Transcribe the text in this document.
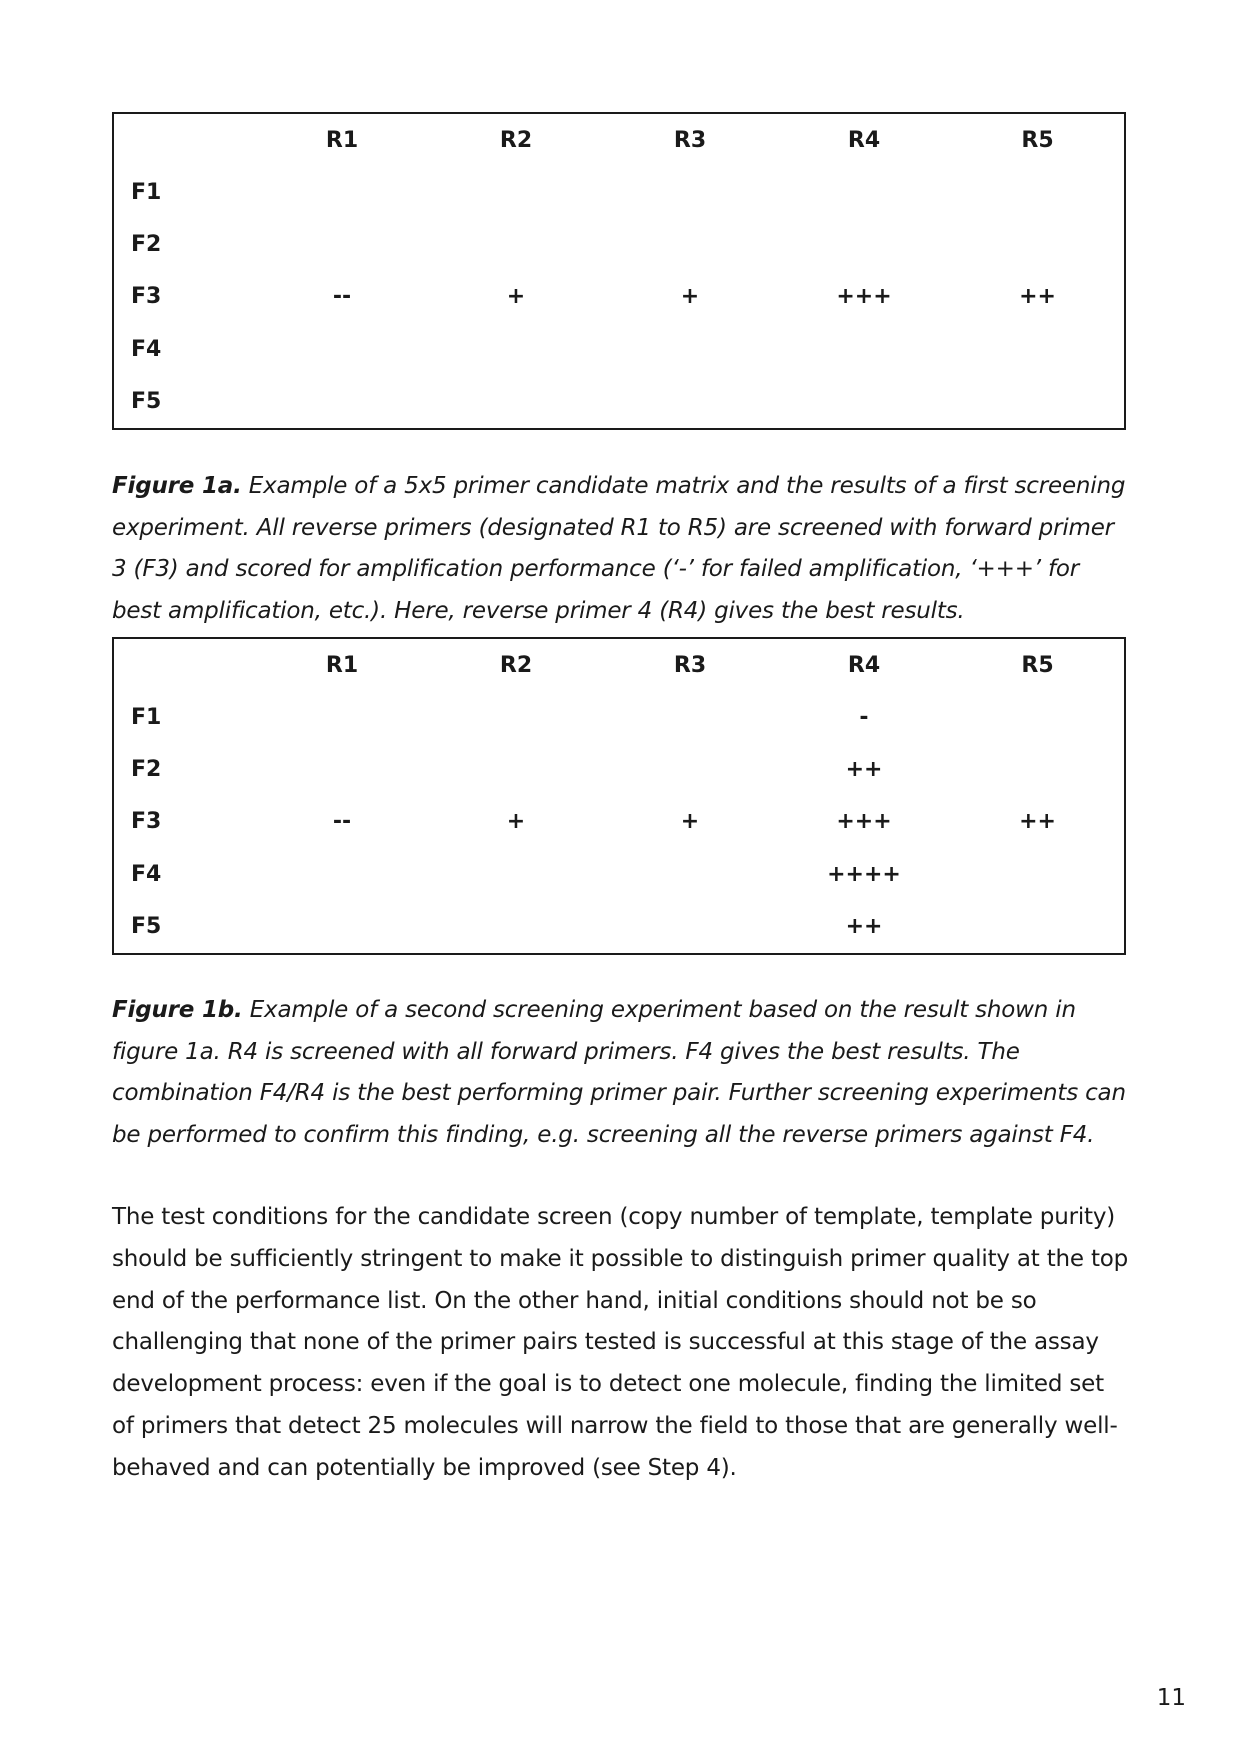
	R1	R2	R3	R4	R5
F1					
F2					
F3	--	+	+	+++	++
F4					
F5					
Figure 1a. Example of a 5x5 primer candidate matrix and the results of a first screening experiment. All reverse primers (designated R1 to R5) are screened with forward primer 3 (F3) and scored for amplification performance (‘-’ for failed amplification, ‘+++’ for best amplification, etc.). Here, reverse primer 4 (R4) gives the best results.
	R1	R2	R3	R4	R5
F1				-	
F2				++	
F3	--	+	+	+++	++
F4				++++	
F5				++	
Figure 1b. Example of a second screening experiment based on the result shown in figure 1a. R4 is screened with all forward primers. F4 gives the best results. The combination F4/R4 is the best performing primer pair. Further screening experiments can be performed to confirm this finding, e.g. screening all the reverse primers against F4.

The test conditions for the candidate screen (copy number of template, template purity) should be sufficiently stringent to make it possible to distinguish primer quality at the top end of the performance list. On the other hand, initial conditions should not be so challenging that none of the primer pairs tested is successful at this stage of the assay development process: even if the goal is to detect one molecule, finding the limited set of primers that detect 25 molecules will narrow the field to those that are generally well-behaved and can potentially be improved (see Step 4).

11
